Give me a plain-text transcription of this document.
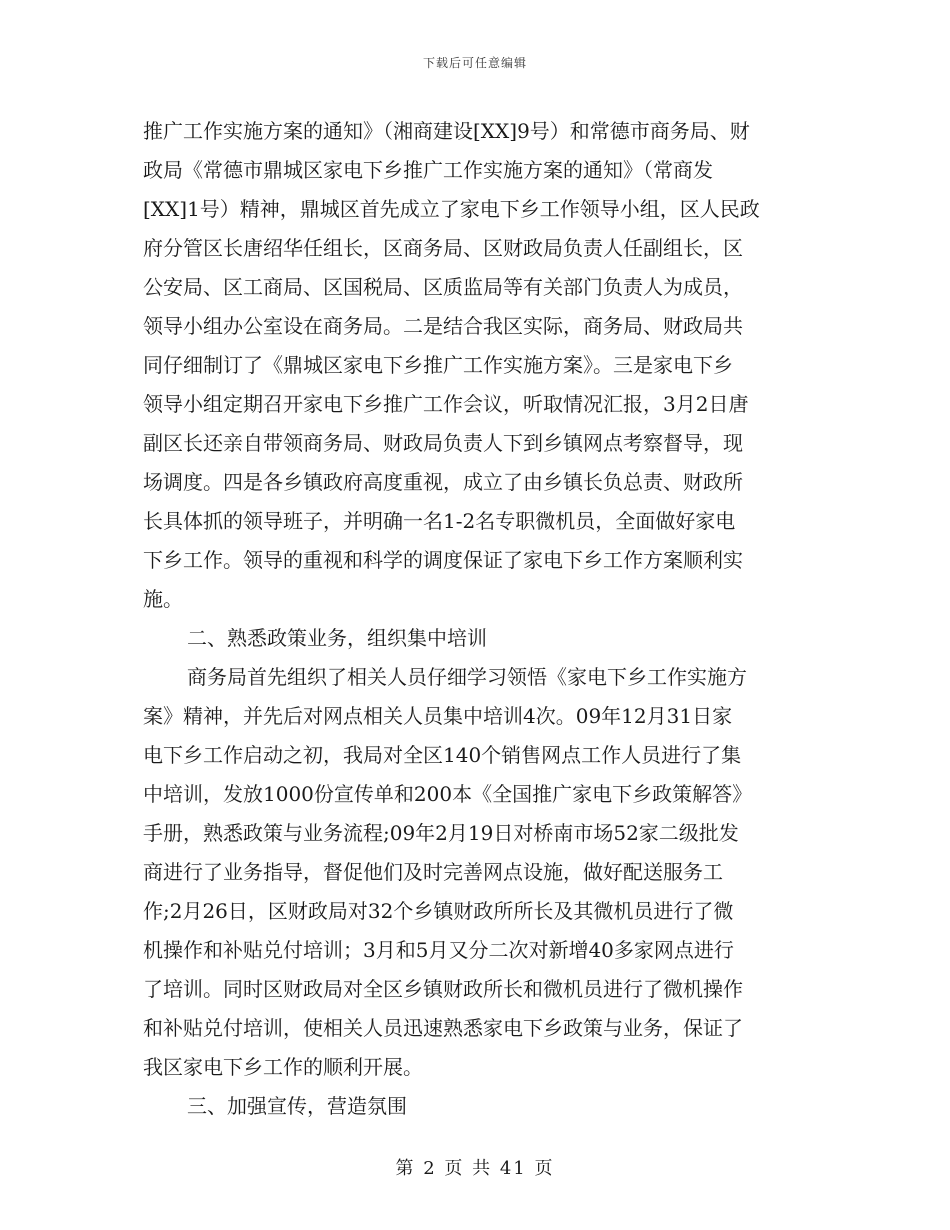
下载后可任意编辑
推广工作实施方案的通知》（湘商建设[XX]9号）和常德市商务局、财
政局《常德市鼎城区家电下乡推广工作实施方案的通知》（常商发
[XX]1号）精神，鼎城区首先成立了家电下乡工作领导小组，区人民政
府分管区长唐绍华任组长，区商务局、区财政局负责人任副组长，区
公安局、区工商局、区国税局、区质监局等有关部门负责人为成员，
领导小组办公室设在商务局。二是结合我区实际，商务局、财政局共
同仔细制订了《鼎城区家电下乡推广工作实施方案》。三是家电下乡
领导小组定期召开家电下乡推广工作会议，听取情况汇报，3月2日唐
副区长还亲自带领商务局、财政局负责人下到乡镇网点考察督导，现
场调度。四是各乡镇政府高度重视，成立了由乡镇长负总责、财政所
长具体抓的领导班子，并明确一名1-2名专职微机员，全面做好家电
下乡工作。领导的重视和科学的调度保证了家电下乡工作方案顺利实
施。
二、熟悉政策业务，组织集中培训
商务局首先组织了相关人员仔细学习领悟《家电下乡工作实施方
案》精神，并先后对网点相关人员集中培训4次。09年12月31日家
电下乡工作启动之初，我局对全区140个销售网点工作人员进行了集
中培训，发放1000份宣传单和200本《全国推广家电下乡政策解答》
手册，熟悉政策与业务流程;09年2月19日对桥南市场52家二级批发
商进行了业务指导，督促他们及时完善网点设施，做好配送服务工
作;2月26日，区财政局对32个乡镇财政所所长及其微机员进行了微
机操作和补贴兑付培训；3月和5月又分二次对新增40多家网点进行
了培训。同时区财政局对全区乡镇财政所长和微机员进行了微机操作
和补贴兑付培训，使相关人员迅速熟悉家电下乡政策与业务，保证了
我区家电下乡工作的顺利开展。
三、加强宣传，营造氛围
第 2 页 共 41 页
